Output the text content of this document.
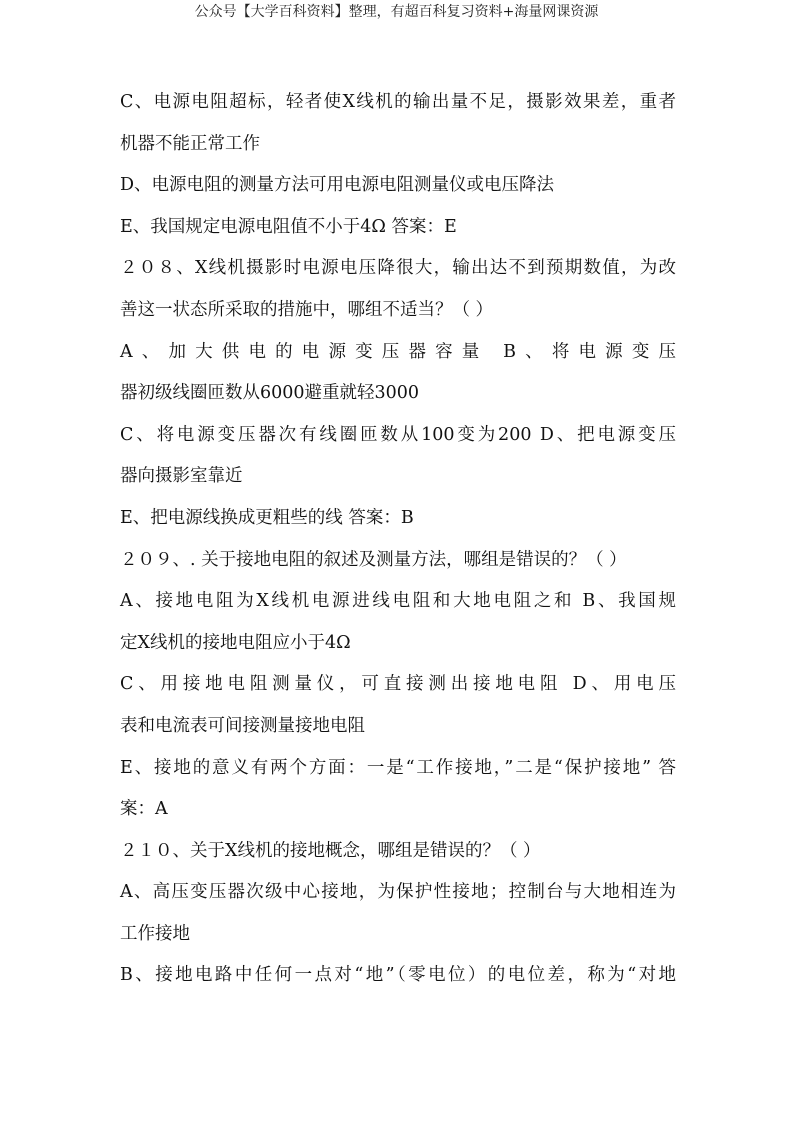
公众号【大学百科资料】整理，有超百科复习资料+海量网课资源
C、电源电阻超标，轻者使X线机的输出量不足，摄影效果差，重者
机器不能正常工作
D、电源电阻的测量方法可用电源电阻测量仪或电压降法
E、我国规定电源电阻值不小于4Ω 答案：E
２０８、X线机摄影时电源电压降很大，输出达不到预期数值，为改
善这一状态所采取的措施中，哪组不适当？（ ）
A、加大供电的电源变压器容量 B、将电源变压
器初级线圈匝数从6000避重就轻3000
C、将电源变压器次有线圈匝数从100变为200 D、把电源变压
器向摄影室靠近
E、把电源线换成更粗些的线 答案：B
２０９、. 关于接地电阻的叙述及测量方法，哪组是错误的？（ ）
A、接地电阻为X线机电源进线电阻和大地电阻之和 B、我国规
定X线机的接地电阻应小于4Ω
C、用接地电阻测量仪，可直接测出接地电阻 D、用电压
表和电流表可间接测量接地电阻
E、接地的意义有两个方面：一是“工作接地，”二是“保护接地” 答
案：A
２１０、关于X线机的接地概念，哪组是错误的？（ ）
A、高压变压器次级中心接地，为保护性接地；控制台与大地相连为
工作接地
B、接地电路中任何一点对“地”（零电位）的电位差，称为“对地
